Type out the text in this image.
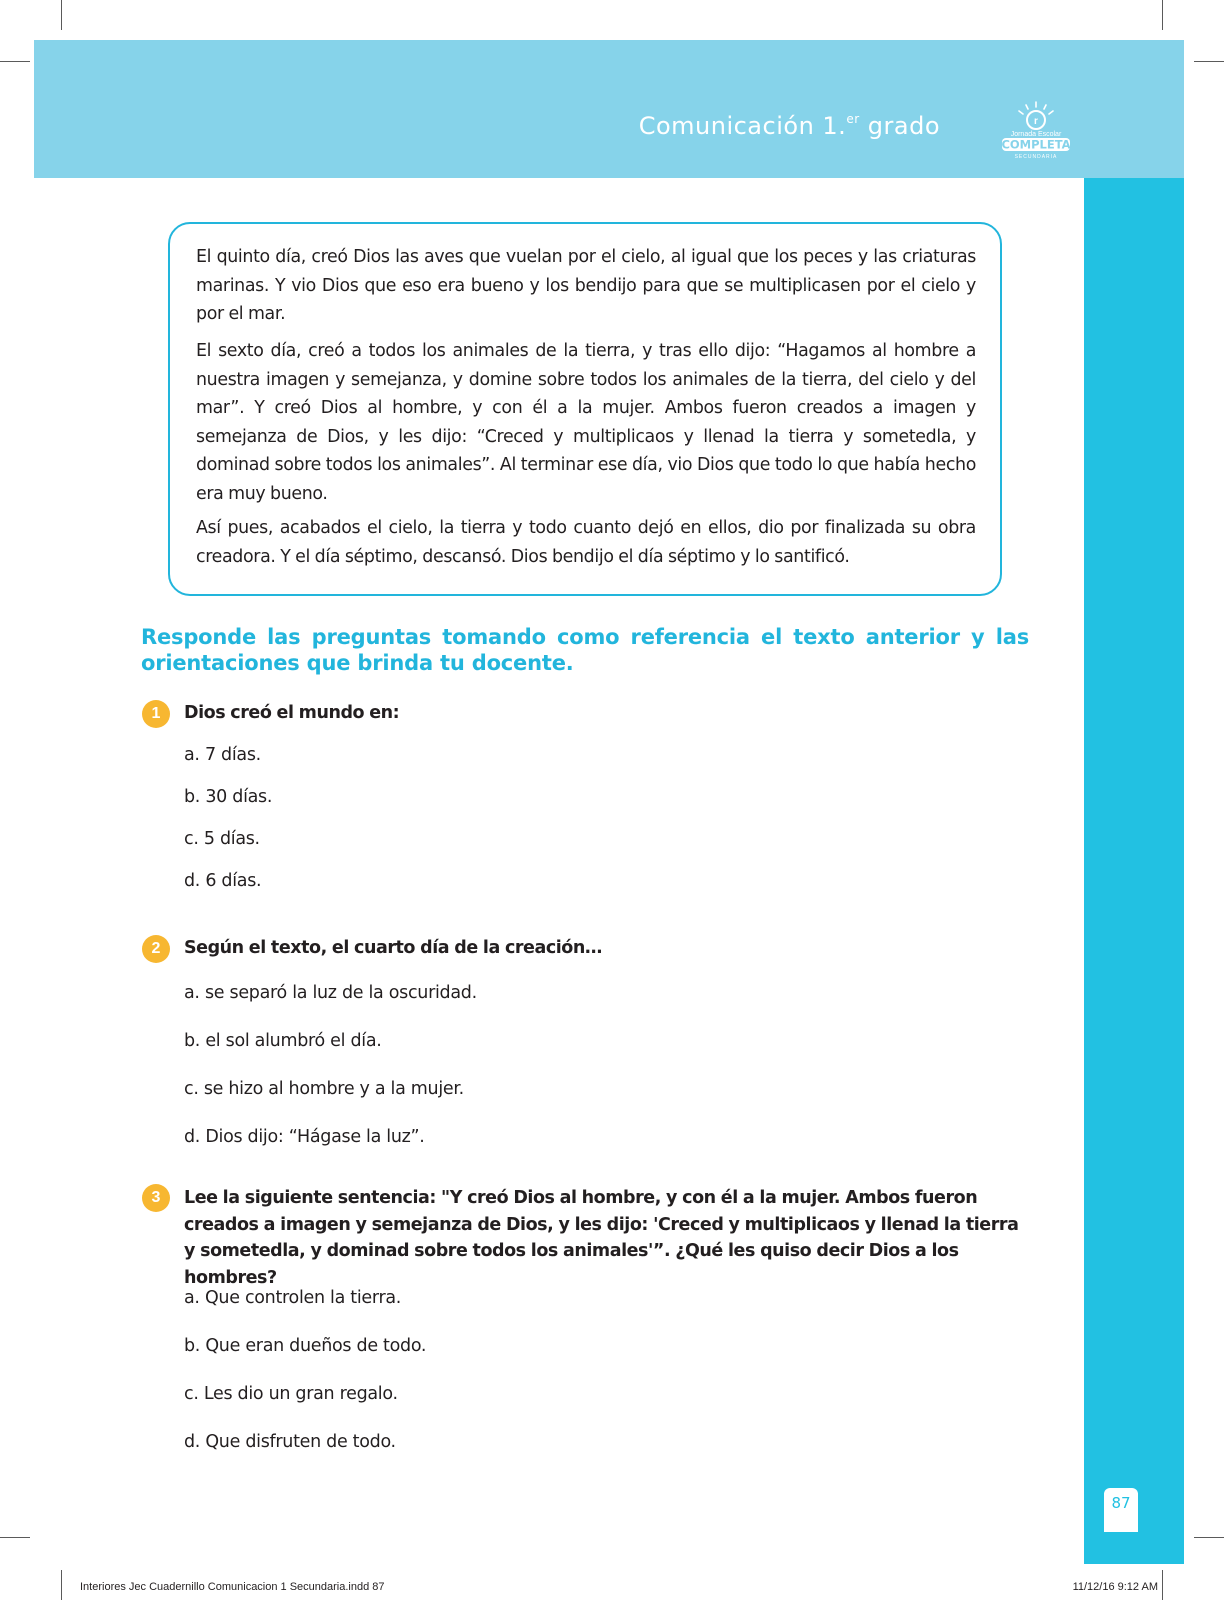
Comunicación 1.$^{er}$ grado	r
Jornada Escolar
COMPLETA
SECUNDARIA
87

El quinto día, creó Dios las aves que vuelan por el cielo, al igual que los peces y las criaturas marinas. Y vio Dios que eso era bueno y los bendijo para que se multiplicasen por el cielo y por el mar.

El sexto día, creó a todos los animales de la tierra, y tras ello dijo: “Hagamos al hombre a nuestra imagen y semejanza, y domine sobre todos los animales de la tierra, del cielo y del mar”. Y creó Dios al hombre, y con él a la mujer. Ambos fueron creados a imagen y semejanza de Dios, y les dijo: “Creced y multiplicaos y llenad la tierra y sometedla, y dominad sobre todos los animales”. Al terminar ese día, vio Dios que todo lo que había hecho era muy bueno.

Así pues, acabados el cielo, la tierra y todo cuanto dejó en ellos, dio por finalizada su obra creadora. Y el día séptimo, descansó. Dios bendijo el día séptimo y lo santificó.

Responde las preguntas tomando como referencia el texto anterior y las orientaciones que brinda tu docente.

1	Dios creó el mundo en:

a. 7 días.

b. 30 días.

c. 5 días.

d. 6 días.

2	Según el texto, el cuarto día de la creación…

a. se separó la luz de la oscuridad.

b. el sol alumbró el día.

c. se hizo al hombre y a la mujer.

d. Dios dijo: “Hágase la luz”.

3	Lee la siguiente sentencia: "Y creó Dios al hombre, y con él a la mujer. Ambos fueron creados a imagen y semejanza de Dios, y les dijo: 'Creced y multiplicaos y llenad la tierra y sometedla, y dominad sobre todos los animales'”. ¿Qué les quiso decir Dios a los hombres?

a. Que controlen la tierra.

b. Que eran dueños de todo.

c. Les dio un gran regalo.

d. Que disfruten de todo.

Interiores Jec Cuadernillo Comunicacion 1 Secundaria.indd 87	11/12/16 9:12 AM
